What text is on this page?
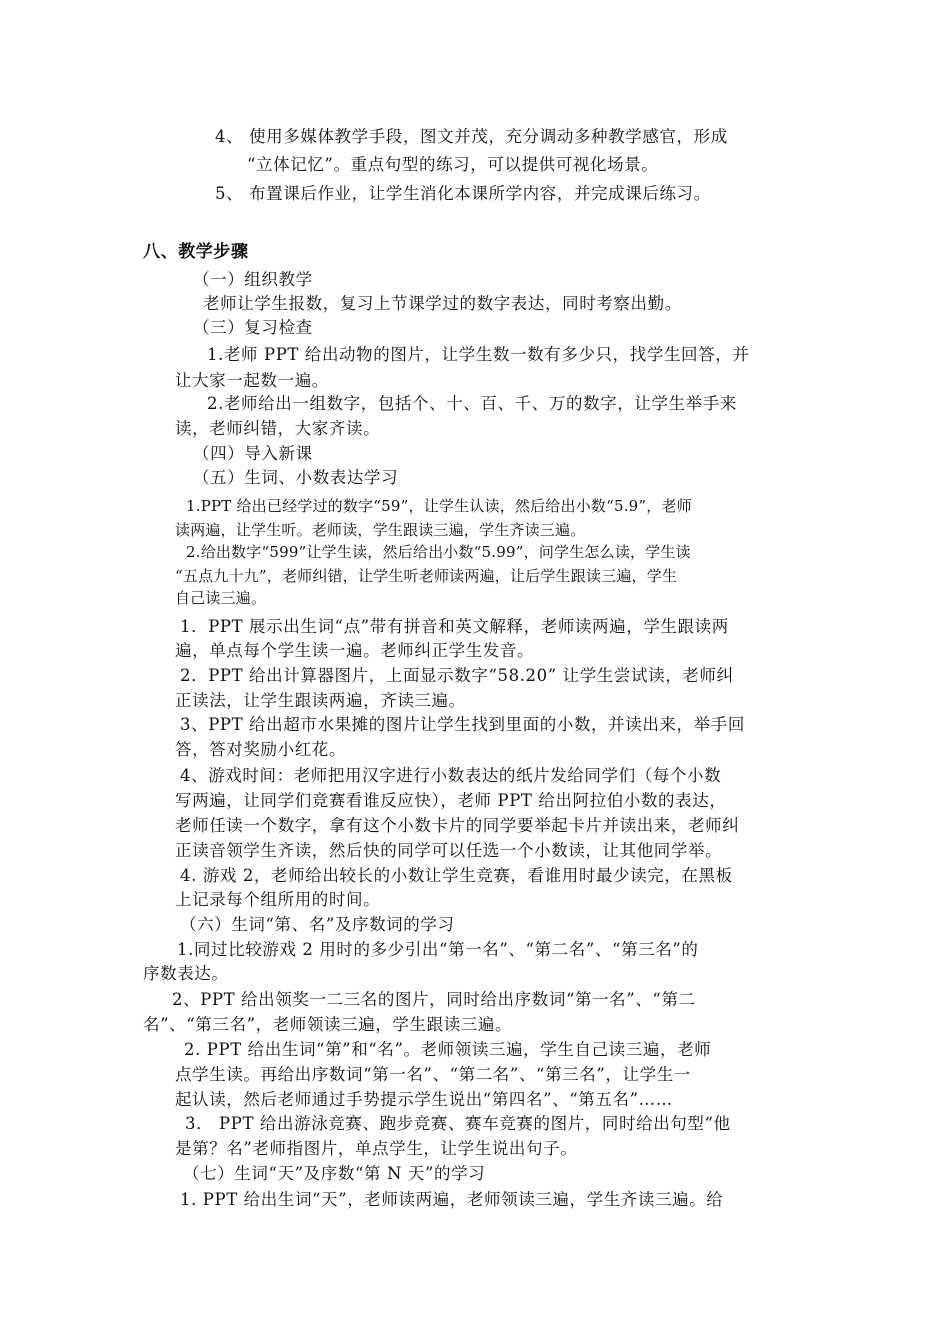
4、 使用多媒体教学手段，图文并茂，充分调动多种教学感官，形成
“立体记忆”。重点句型的练习，可以提供可视化场景。
5、 布置课后作业，让学生消化本课所学内容，并完成课后练习。
八、教学步骤
（一）组织教学
老师让学生报数，复习上节课学过的数字表达，同时考察出勤。
（三）复习检查
1.老师 PPT 给出动物的图片，让学生数一数有多少只，找学生回答，并
让大家一起数一遍。
2.老师给出一组数字，包括个、十、百、千、万的数字，让学生举手来
读，老师纠错，大家齐读。
（四）导入新课
（五）生词、小数表达学习
1.PPT 给出已经学过的数字“59”，让学生认读，然后给出小数“5.9”，老师
读两遍，让学生听。老师读，学生跟读三遍，学生齐读三遍。
2.给出数字“599”让学生读，然后给出小数“5.99”，问学生怎么读，学生读
“五点九十九”，老师纠错，让学生听老师读两遍，让后学生跟读三遍，学生
自己读三遍。
1．PPT 展示出生词“点”带有拼音和英文解释，老师读两遍，学生跟读两
遍，单点每个学生读一遍。老师纠正学生发音。
2．PPT 给出计算器图片，上面显示数字“58.20” 让学生尝试读，老师纠
正读法，让学生跟读两遍，齐读三遍。
3、PPT 给出超市水果摊的图片让学生找到里面的小数，并读出来，举手回
答，答对奖励小红花。
4、游戏时间：老师把用汉字进行小数表达的纸片发给同学们（每个小数
写两遍，让同学们竞赛看谁反应快），老师 PPT 给出阿拉伯小数的表达，
老师任读一个数字，拿有这个小数卡片的同学要举起卡片并读出来，老师纠
正读音领学生齐读，然后快的同学可以任选一个小数读，让其他同学举。
4. 游戏 2，老师给出较长的小数让学生竞赛，看谁用时最少读完，在黑板
上记录每个组所用的时间。
（六）生词“第、名”及序数词的学习
1.同过比较游戏 2 用时的多少引出“第一名”、“第二名”、“第三名”的
序数表达。
2、PPT 给出领奖一二三名的图片，同时给出序数词“第一名”、“第二
名”、“第三名”，老师领读三遍，学生跟读三遍。
2. PPT 给出生词“第”和“名”。老师领读三遍，学生自己读三遍，老师
点学生读。再给出序数词“第一名”、“第二名”、“第三名”，让学生一
起认读，然后老师通过手势提示学生说出“第四名”、“第五名”……
3． PPT 给出游泳竞赛、跑步竞赛、赛车竞赛的图片，同时给出句型“他
是第？名”老师指图片，单点学生，让学生说出句子。
（七）生词“天”及序数“第 N 天”的学习
1. PPT 给出生词“天”，老师读两遍，老师领读三遍，学生齐读三遍。给
